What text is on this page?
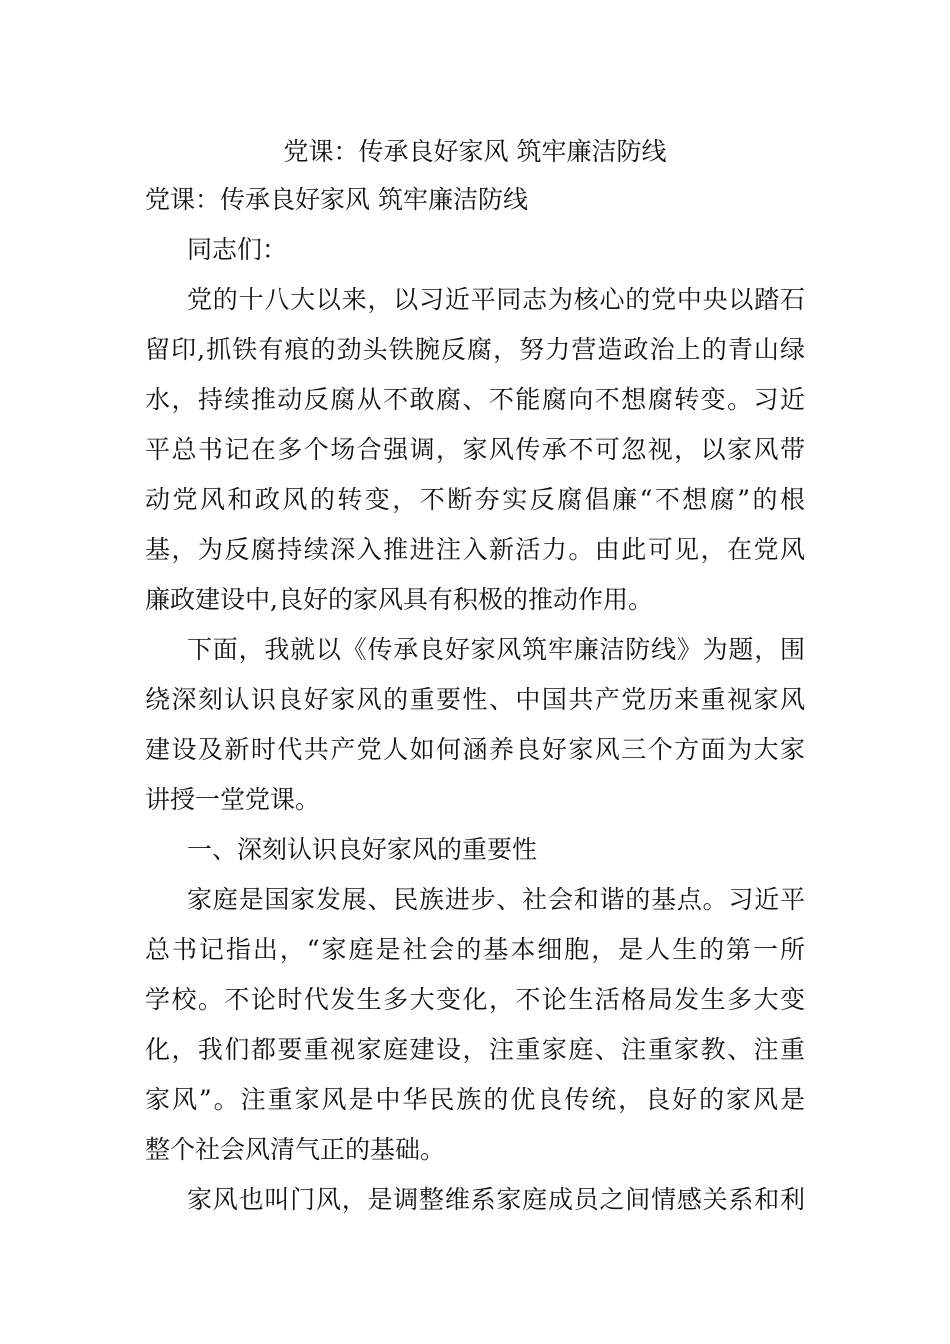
党课：传承良好家风 筑牢廉洁防线
党课：传承良好家风 筑牢廉洁防线
同志们：
党的十八大以来，以习近平同志为核心的党中央以踏石
留印,抓铁有痕的劲头铁腕反腐，努力营造政治上的青山绿
水，持续推动反腐从不敢腐、不能腐向不想腐转变。习近
平总书记在多个场合强调，家风传承不可忽视，以家风带
动党风和政风的转变，不断夯实反腐倡廉“不想腐”的根
基，为反腐持续深入推进注入新活力。由此可见，在党风
廉政建设中,良好的家风具有积极的推动作用。
下面，我就以《传承良好家风筑牢廉洁防线》为题，围
绕深刻认识良好家风的重要性、中国共产党历来重视家风
建设及新时代共产党人如何涵养良好家风三个方面为大家
讲授一堂党课。
一、深刻认识良好家风的重要性
家庭是国家发展、民族进步、社会和谐的基点。习近平
总书记指出，“家庭是社会的基本细胞，是人生的第一所
学校。不论时代发生多大变化，不论生活格局发生多大变
化，我们都要重视家庭建设，注重家庭、注重家教、注重
家风”。注重家风是中华民族的优良传统，良好的家风是
整个社会风清气正的基础。
家风也叫门风，是调整维系家庭成员之间情感关系和利
